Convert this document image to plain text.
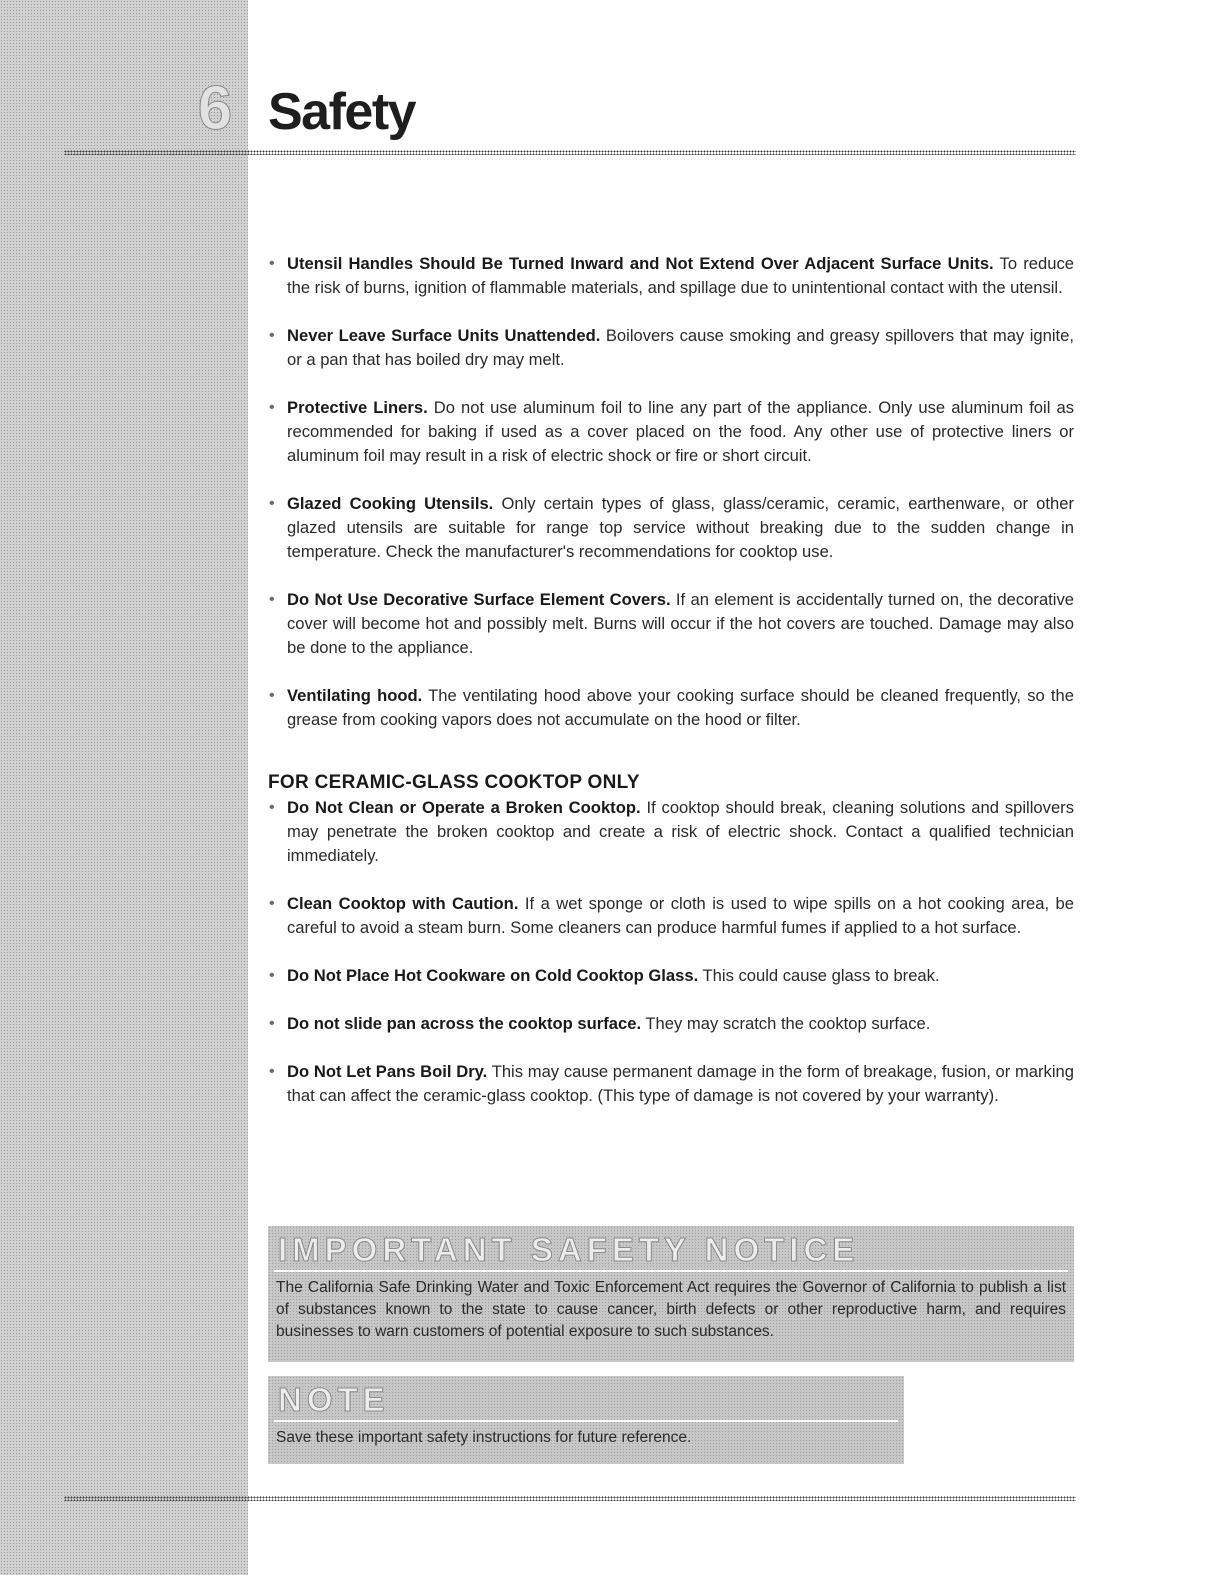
6 Safety
• Utensil Handles Should Be Turned Inward and Not Extend Over Adjacent Surface Units. To reduce the risk of burns, ignition of flammable materials, and spillage due to unintentional contact with the utensil.
• Never Leave Surface Units Unattended. Boilovers cause smoking and greasy spillovers that may ignite, or a pan that has boiled dry may melt.
• Protective Liners. Do not use aluminum foil to line any part of the appliance. Only use aluminum foil as recommended for baking if used as a cover placed on the food. Any other use of protective liners or aluminum foil may result in a risk of electric shock or fire or short circuit.
• Glazed Cooking Utensils. Only certain types of glass, glass/ceramic, ceramic, earthenware, or other glazed utensils are suitable for range top service without breaking due to the sudden change in temperature. Check the manufacturer's recommendations for cooktop use.
• Do Not Use Decorative Surface Element Covers. If an element is accidentally turned on, the decorative cover will become hot and possibly melt. Burns will occur if the hot covers are touched. Damage may also be done to the appliance.
• Ventilating hood. The ventilating hood above your cooking surface should be cleaned frequently, so the grease from cooking vapors does not accumulate on the hood or filter.
FOR CERAMIC-GLASS COOKTOP ONLY
• Do Not Clean or Operate a Broken Cooktop. If cooktop should break, cleaning solutions and spillovers may penetrate the broken cooktop and create a risk of electric shock. Contact a qualified technician immediately.
• Clean Cooktop with Caution. If a wet sponge or cloth is used to wipe spills on a hot cooking area, be careful to avoid a steam burn. Some cleaners can produce harmful fumes if applied to a hot surface.
• Do Not Place Hot Cookware on Cold Cooktop Glass. This could cause glass to break.
• Do not slide pan across the cooktop surface. They may scratch the cooktop surface.
• Do Not Let Pans Boil Dry. This may cause permanent damage in the form of breakage, fusion, or marking that can affect the ceramic-glass cooktop. (This type of damage is not covered by your warranty).
IMPORTANT SAFETY NOTICE
The California Safe Drinking Water and Toxic Enforcement Act requires the Governor of California to publish a list of substances known to the state to cause cancer, birth defects or other reproductive harm, and requires businesses to warn customers of potential exposure to such substances.
NOTE
Save these important safety instructions for future reference.
